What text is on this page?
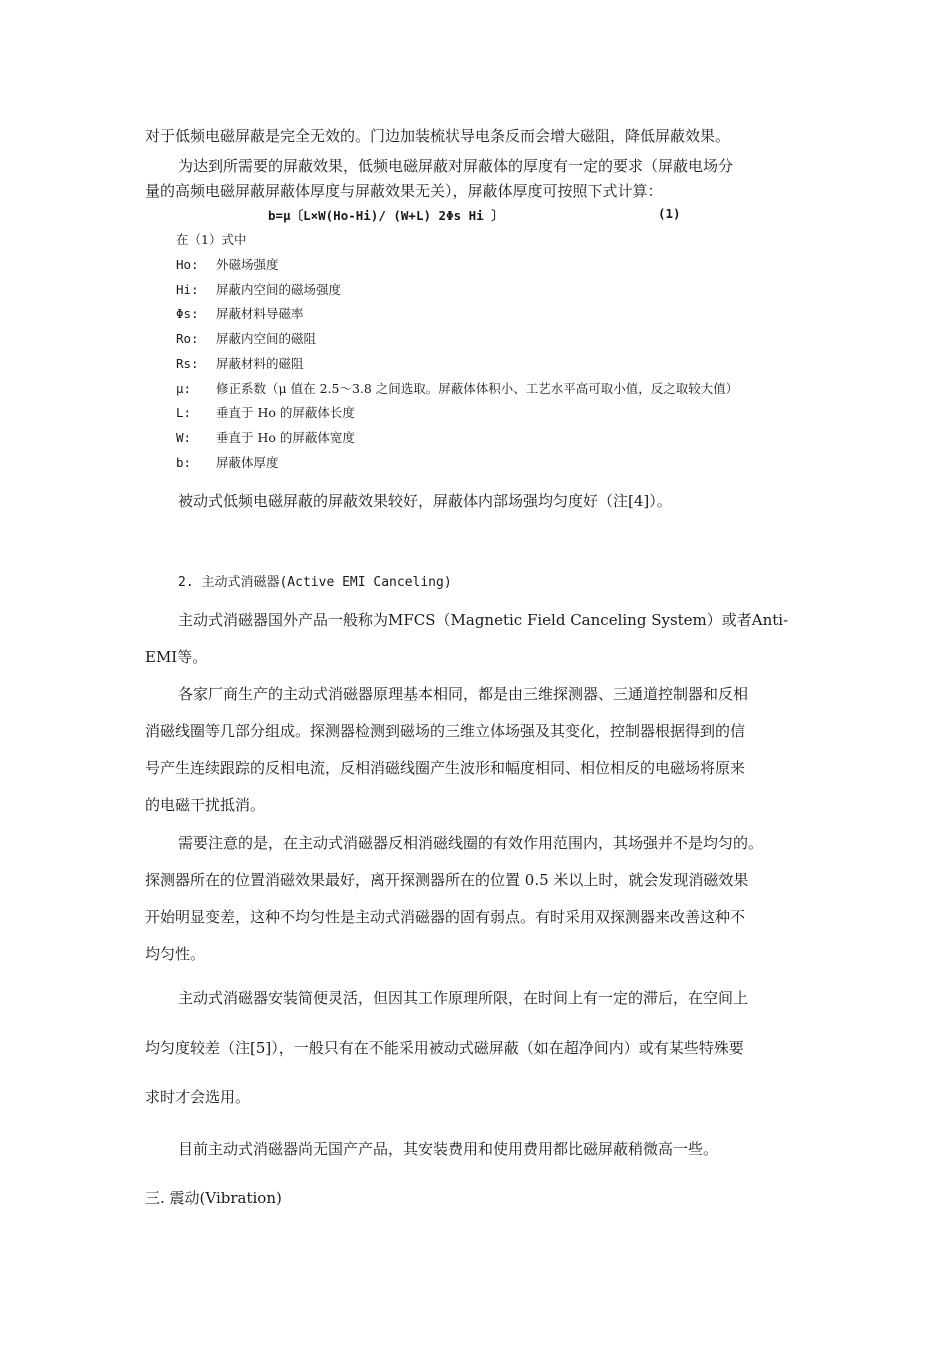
对于低频电磁屏蔽是完全无效的。门边加装梳状导电条反而会增大磁阻，降低屏蔽效果。
为达到所需要的屏蔽效果，低频电磁屏蔽对屏蔽体的厚度有一定的要求（屏蔽电场分
量的高频电磁屏蔽屏蔽体厚度与屏蔽效果无关），屏蔽体厚度可按照下式计算：
b=μ〔L×W(Ho-Hi)/ (W+L) 2Φs Hi 〕	(1)
在（1）式中
Ho: 外磁场强度
Hi: 屏蔽内空间的磁场强度
Φs: 屏蔽材料导磁率
Ro: 屏蔽内空间的磁阻
Rs: 屏蔽材料的磁阻
μ: 修正系数（μ 值在 2.5～3.8 之间选取。屏蔽体体积小、工艺水平高可取小值，反之取较大值）
L: 垂直于 Ho 的屏蔽体长度
W: 垂直于 Ho 的屏蔽体宽度
b: 屏蔽体厚度
被动式低频电磁屏蔽的屏蔽效果较好，屏蔽体内部场强均匀度好（注[4]）。
2. 主动式消磁器(Active EMI Canceling)
主动式消磁器国外产品一般称为MFCS（Magnetic Field Canceling System）或者Anti-
EMI等。
各家厂商生产的主动式消磁器原理基本相同，都是由三维探测器、三通道控制器和反相
消磁线圈等几部分组成。探测器检测到磁场的三维立体场强及其变化，控制器根据得到的信
号产生连续跟踪的反相电流，反相消磁线圈产生波形和幅度相同、相位相反的电磁场将原来
的电磁干扰抵消。
需要注意的是，在主动式消磁器反相消磁线圈的有效作用范围内，其场强并不是均匀的。
探测器所在的位置消磁效果最好，离开探测器所在的位置 0.5 米以上时，就会发现消磁效果
开始明显变差，这种不均匀性是主动式消磁器的固有弱点。有时采用双探测器来改善这种不
均匀性。
主动式消磁器安装简便灵活，但因其工作原理所限，在时间上有一定的滞后，在空间上
均匀度较差（注[5]），一般只有在不能采用被动式磁屏蔽（如在超净间内）或有某些特殊要
求时才会选用。
目前主动式消磁器尚无国产产品，其安装费用和使用费用都比磁屏蔽稍微高一些。
三. 震动(Vibration)
